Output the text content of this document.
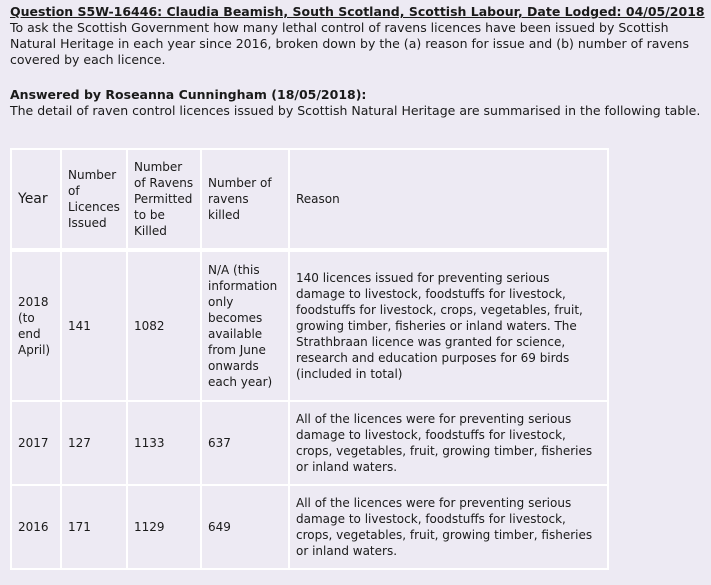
Question S5W-16446: Claudia Beamish, South Scotland, Scottish Labour, Date Lodged: 04/05/2018

To ask the Scottish Government how many lethal control of ravens licences have been issued by Scottish Natural Heritage in each year since 2016, broken down by the (a) reason for issue and (b) number of ravens covered by each licence.

Answered by Roseanna Cunningham (18/05/2018):
The detail of raven control licences issued by Scottish Natural Heritage are summarised in the following table.
Year	Number of Licences Issued	Number of Ravens Permitted to be Killed	Number of ravens killed	Reason
2018 (to end April)	141	1082	N/A (this information only becomes available from June onwards each year)	140 licences issued for preventing serious damage to livestock, foodstuffs for livestock, foodstuffs for livestock, crops, vegetables, fruit, growing timber, fisheries or inland waters. The Strathbraan licence was granted for science, research and education purposes for 69 birds (included in total)
2017	127	1133	637	All of the licences were for preventing serious damage to livestock, foodstuffs for livestock, crops, vegetables, fruit, growing timber, fisheries or inland waters.
2016	171	1129	649	All of the licences were for preventing serious damage to livestock, foodstuffs for livestock, crops, vegetables, fruit, growing timber, fisheries or inland waters.
